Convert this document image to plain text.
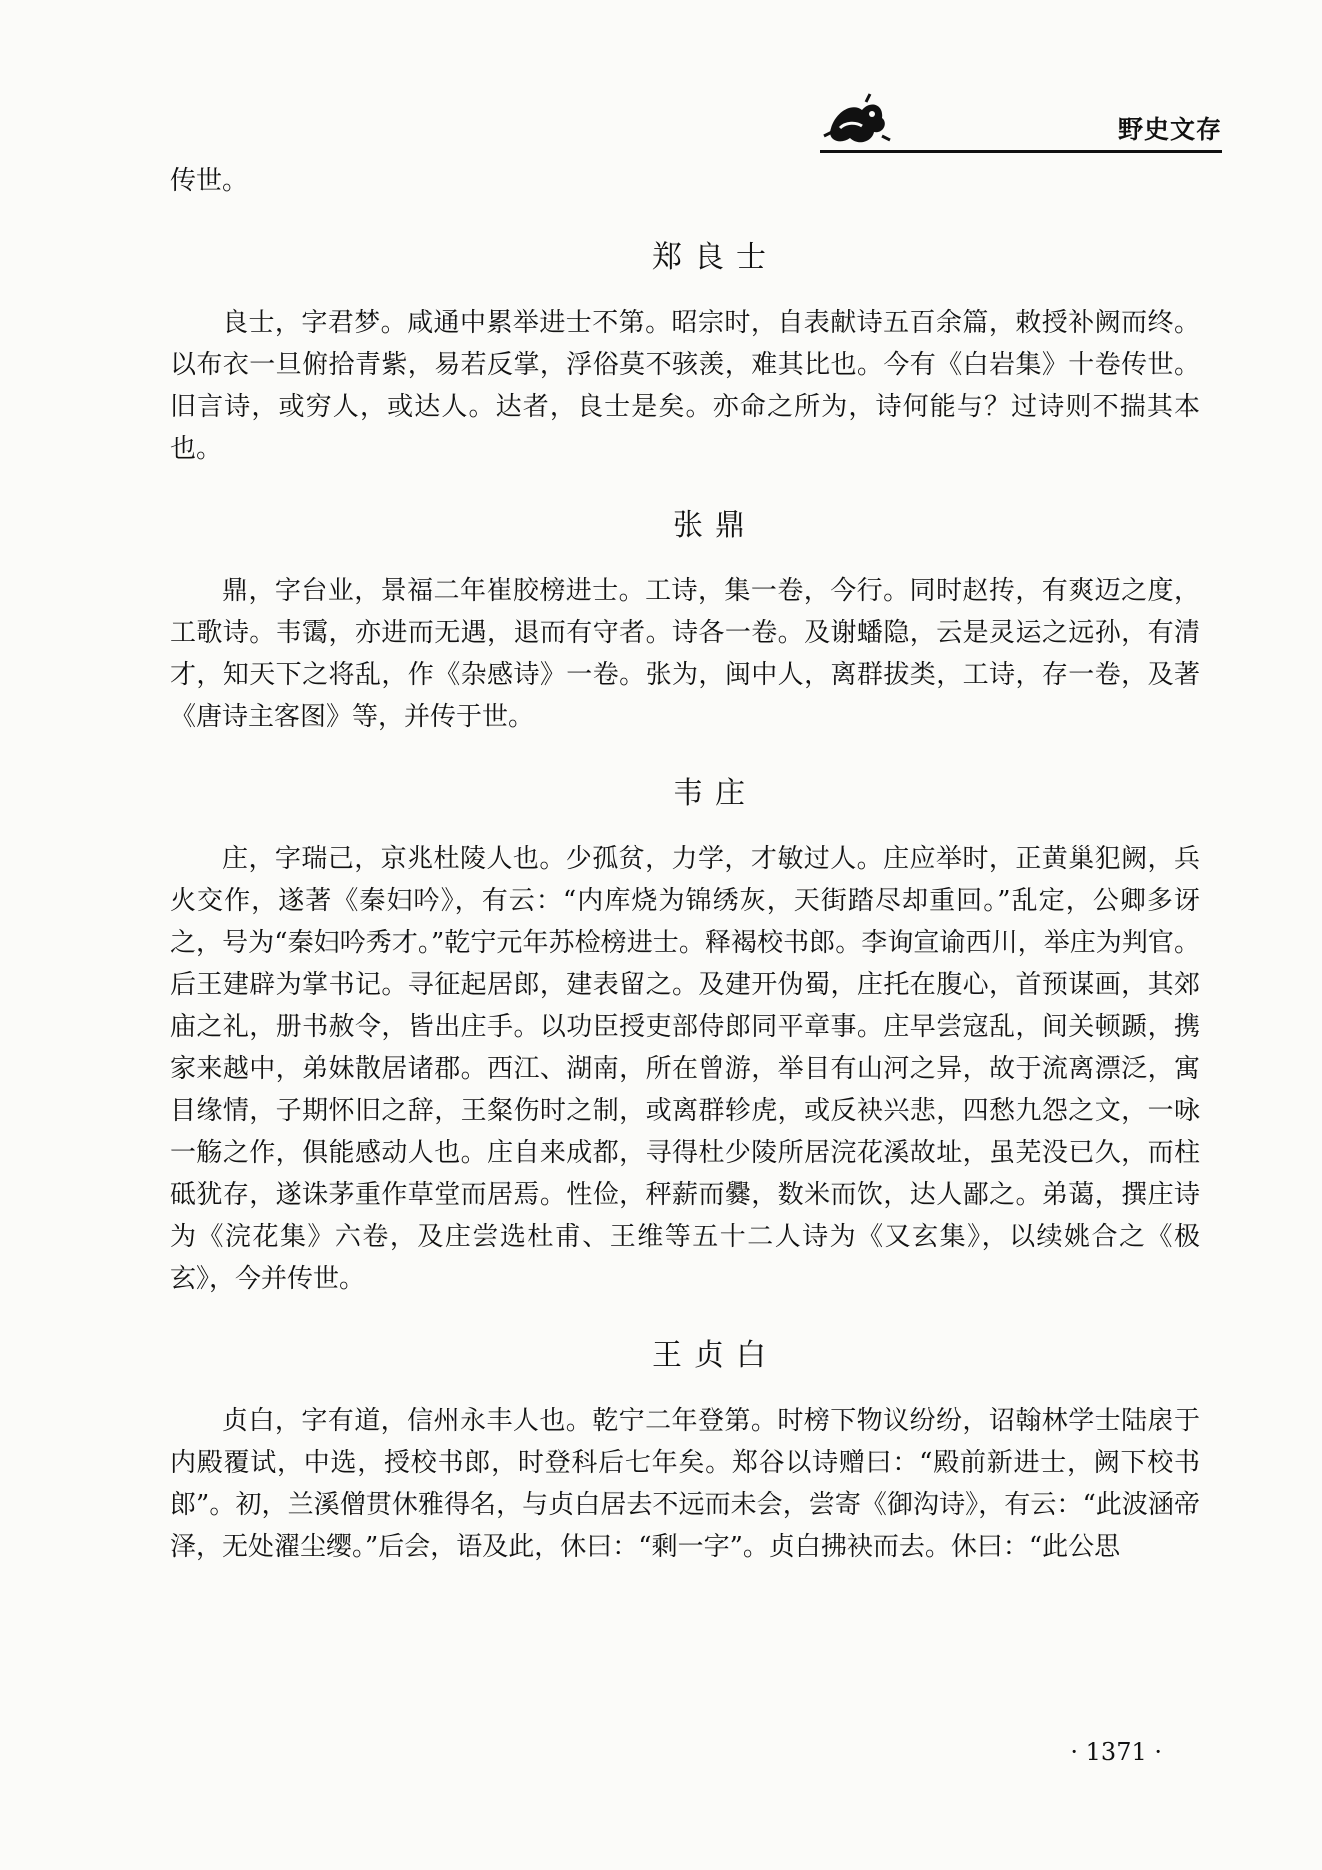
野史文存

传世。

郑良士

良士，字君梦。咸通中累举进士不第。昭宗时，自表献诗五百余篇，敕授补阙而终。以布衣一旦俯拾青紫，易若反掌，浮俗莫不骇羡，难其比也。今有《白岩集》十卷传世。旧言诗，或穷人，或达人。达者，良士是矣。亦命之所为，诗何能与？过诗则不揣其本也。

张鼎

鼎，字台业，景福二年崔胶榜进士。工诗，集一卷，今行。同时赵抟，有爽迈之度，工歌诗。韦霭，亦进而无遇，退而有守者。诗各一卷。及谢蟠隐，云是灵运之远孙，有清才，知天下之将乱，作《杂感诗》一卷。张为，闽中人，离群拔类，工诗，存一卷，及著《唐诗主客图》等，并传于世。

韦庄

庄，字瑞己，京兆杜陵人也。少孤贫，力学，才敏过人。庄应举时，正黄巢犯阙，兵火交作，遂著《秦妇吟》，有云：“内库烧为锦绣灰，天街踏尽却重回。”乱定，公卿多讶之，号为“秦妇吟秀才。”乾宁元年苏检榜进士。释褐校书郎。李询宣谕西川，举庄为判官。后王建辟为掌书记。寻征起居郎，建表留之。及建开伪蜀，庄托在腹心，首预谋画，其郊庙之礼，册书赦令，皆出庄手。以功臣授吏部侍郎同平章事。庄早尝寇乱，间关顿踬，携家来越中，弟妹散居诸郡。西江、湖南，所在曾游，举目有山河之异，故于流离漂泛，寓目缘情，子期怀旧之辞，王粲伤时之制，或离群轸虎，或反袂兴悲，四愁九怨之文，一咏一觞之作，俱能感动人也。庄自来成都，寻得杜少陵所居浣花溪故址，虽芜没已久，而柱砥犹存，遂诛茅重作草堂而居焉。性俭，秤薪而爨，数米而饮，达人鄙之。弟蔼，撰庄诗为《浣花集》六卷，及庄尝选杜甫、王维等五十二人诗为《又玄集》，以续姚合之《极玄》，今并传世。

王贞白

贞白，字有道，信州永丰人也。乾宁二年登第。时榜下物议纷纷，诏翰林学士陆扆于内殿覆试，中选，授校书郎，时登科后七年矣。郑谷以诗赠曰：“殿前新进士，阙下校书郎”。初，兰溪僧贯休雅得名，与贞白居去不远而未会，尝寄《御沟诗》，有云：“此波涵帝泽，无处濯尘缨。”后会，语及此，休曰：“剩一字”。贞白拂袂而去。休曰：“此公思

· 1371 ·
